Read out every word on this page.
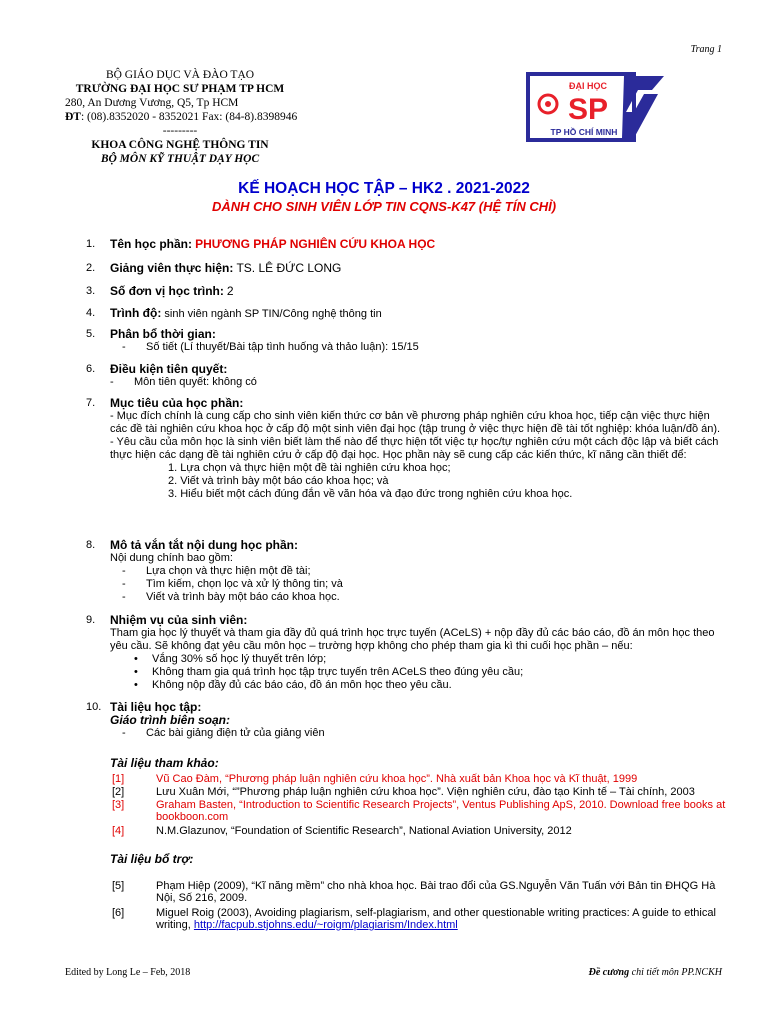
Trang 1
BỘ GIÁO DỤC VÀ ĐÀO TẠO
TRƯỜNG ĐẠI HỌC SƯ PHẠM TP HCM
280, An Dương Vương, Q5, Tp HCM
ĐT: (08).8352020 - 8352021 Fax: (84-8).8398946
---------
KHOA CÔNG NGHỆ THÔNG TIN
BỘ MÔN KỸ THUẬT DẠY HỌC
ĐẠI HỌC
SP
TP HỒ CHÍ MINH
KẾ HOẠCH HỌC TẬP – HK2 . 2021-2022
DÀNH CHO SINH VIÊN LỚP TIN CQNS-K47 (HỆ TÍN CHỈ)
1.	Tên học phần: PHƯƠNG PHÁP NGHIÊN CỨU KHOA HỌC
2.	Giảng viên thực hiện: TS. LÊ ĐỨC LONG
3.	Số đơn vị học trình: 2
4.	Trình độ: sinh viên ngành SP TIN/Công nghệ thông tin
5.	Phân bổ thời gian:
- Số tiết (Lí thuyết/Bài tập tình huống và thảo luận): 15/15
6.	Điều kiện tiên quyết:
- Môn tiên quyết: không có
7.	Mục tiêu của học phần:
- Mục đích chính là cung cấp cho sinh viên kiến thức cơ bản về phương pháp nghiên cứu khoa học, tiếp cận việc thực hiện các đề tài nghiên cứu khoa học ở cấp độ một sinh viên đại học (tập trung ở việc thực hiện đề tài tốt nghiệp: khóa luận/đồ án).
- Yêu cầu của môn học là sinh viên biết làm thế nào để thực hiện tốt việc tự học/tự nghiên cứu một cách độc lập và biết cách thực hiện các dạng đề tài nghiên cứu ở cấp độ đại học. Học phần này sẽ cung cấp các kiến thức, kĩ năng cần thiết để:
1. Lựa chọn và thực hiện một đề tài nghiên cứu khoa học;
2. Viết và trình bày một báo cáo khoa học; và
3. Hiểu biết một cách đúng đắn về văn hóa và đạo đức trong nghiên cứu khoa học.
8.	Mô tả vắn tắt nội dung học phần:
Nội dung chính bao gồm:
- Lựa chọn và thực hiện một đề tài;
- Tìm kiếm, chọn lọc và xử lý thông tin; và
- Viết và trình bày một báo cáo khoa học.
9.	Nhiệm vụ của sinh viên:
Tham gia học lý thuyết và tham gia đầy đủ quá trình học trực tuyến (ACeLS) + nộp đầy đủ các báo cáo, đồ án môn học theo yêu cầu. Sẽ không đạt yêu cầu môn học – trường hợp không cho phép tham gia kì thi cuối học phần – nếu:
• Vắng 30% số học lý thuyết trên lớp;
• Không tham gia quá trình học tập trực tuyến trên ACeLS theo đúng yêu cầu;
• Không nộp đầy đủ các báo cáo, đồ án môn học theo yêu cầu.
10. Tài liệu học tập:
Giáo trình biên soạn:
- Các bài giảng điện tử của giảng viên
Tài liệu tham khảo:
[1]	Vũ Cao Đàm, “Phương pháp luận nghiên cứu khoa học”. Nhà xuất bản Khoa học và Kĩ thuật, 1999
[2]	Lưu Xuân Mới, “”Phương pháp luận nghiên cứu khoa học”. Viện nghiên cứu, đào tạo Kinh tế – Tài chính, 2003
[3]	Graham Basten, “Introduction to Scientific Research Projects”, Ventus Publishing ApS, 2010. Download free books at bookboon.com
[4]	N.M.Glazunov, “Foundation of Scientific Research”, National Aviation University, 2012
Tài liệu bổ trợ:
[5]	Phạm Hiệp (2009), “Kĩ năng mềm” cho nhà khoa học. Bài trao đổi của GS.Nguyễn Văn Tuấn với Bản tin ĐHQG Hà Nội, Số 216, 2009.
[6]	Miguel Roig (2003), Avoiding plagiarism, self-plagiarism, and other questionable writing practices: A guide to ethical writing, http://facpub.stjohns.edu/~roigm/plagiarism/Index.html
Edited by Long Le – Feb, 2018	Đề cương chi tiết môn PP.NCKH
